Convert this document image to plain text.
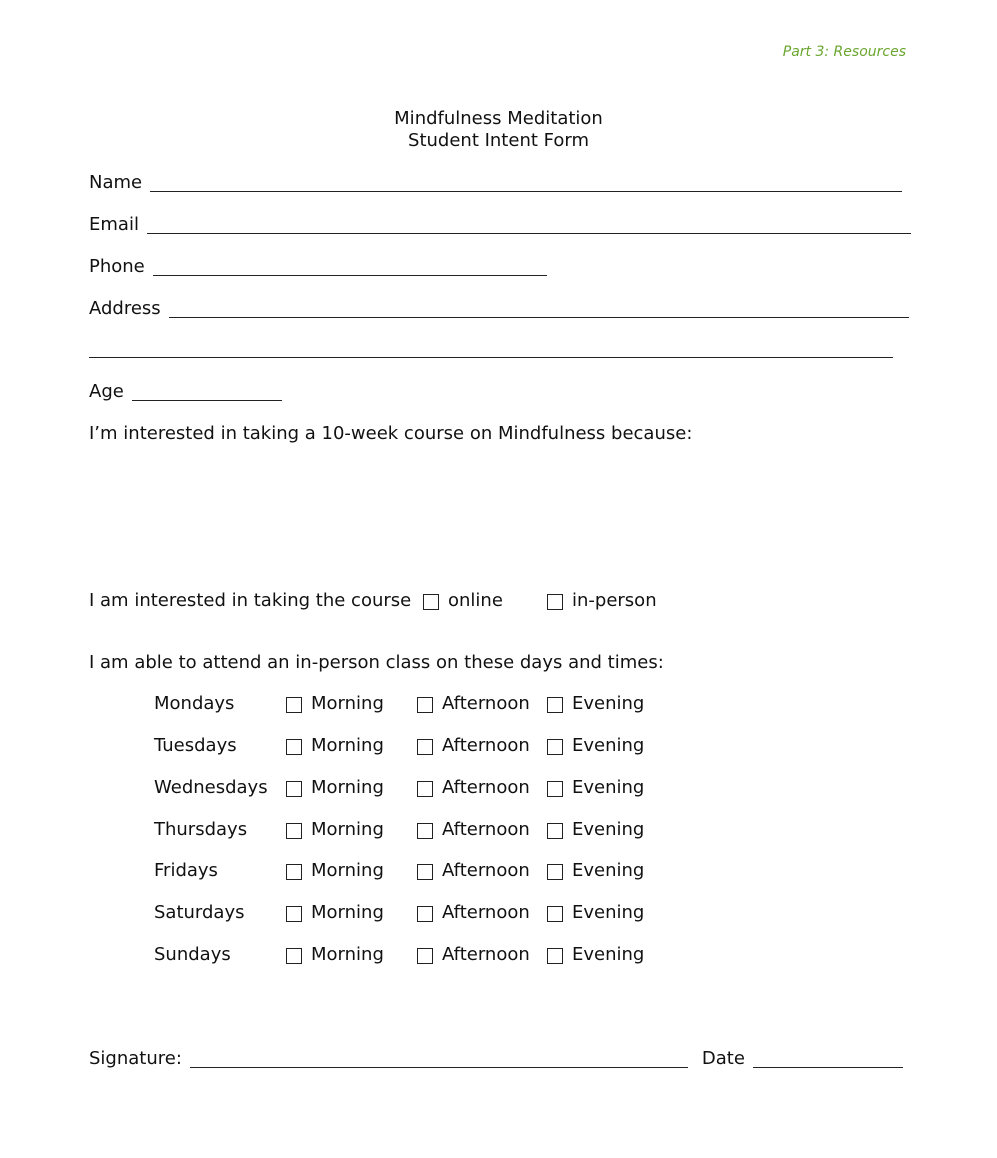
Part 3: Resources
Mindfulness Meditation
Student Intent Form
Name
Email
Phone
Address
Age
I’m interested in taking a 10-week course on Mindfulness because:
I am interested in taking the course online	in-person
I am able to attend an in-person class on these days and times:
Mondays	Morning	Afternoon Evening
Tuesdays	Morning	Afternoon Evening
Wednesdays Morning	Afternoon Evening
Thursdays	Morning	Afternoon Evening
Fridays	Morning	Afternoon Evening
Saturdays	Morning	Afternoon Evening
Sundays	Morning	Afternoon Evening
Signature:	Date
